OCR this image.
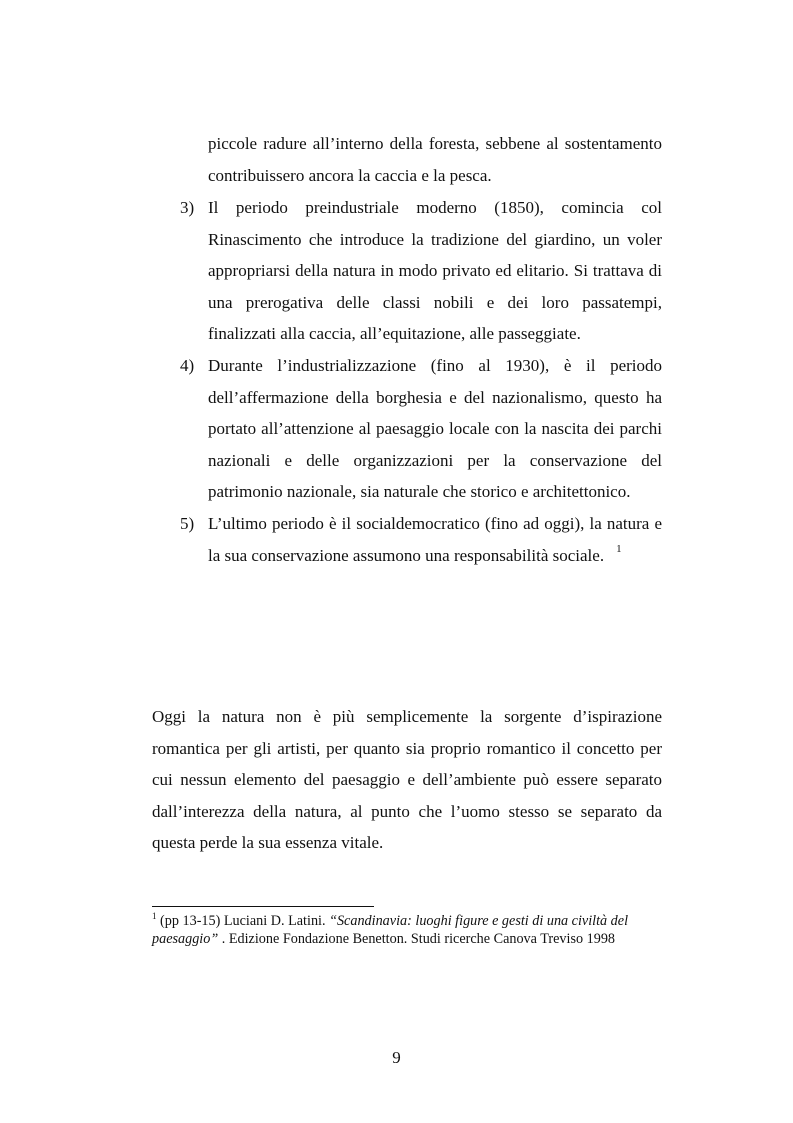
piccole radure all’interno della foresta, sebbene al sostentamento contribuissero ancora la caccia e la pesca.
3) Il periodo preindustriale moderno (1850), comincia col Rinascimento che introduce la tradizione del giardino, un voler appropriarsi della natura in modo privato ed elitario. Si trattava di una prerogativa delle classi nobili e dei loro passatempi, finalizzati alla caccia, all’equitazione, alle passeggiate.
4) Durante l’industrializzazione (fino al 1930), è il periodo dell’affermazione della borghesia e del nazionalismo, questo ha portato all’attenzione al paesaggio locale con la nascita dei parchi nazionali e delle organizzazioni per la conservazione del patrimonio nazionale, sia naturale che storico e architettonico.
5) L’ultimo periodo è il socialdemocratico (fino ad oggi), la natura e la sua conservazione assumono una responsabilità sociale. $^1$
Oggi la natura non è più semplicemente la sorgente d’ispirazione romantica per gli artisti, per quanto sia proprio romantico il concetto per cui nessun elemento del paesaggio e dell’ambiente può essere separato dall’interezza della natura, al punto che l’uomo stesso se separato da questa perde la sua essenza vitale.
$^1$ (pp 13-15) Luciani D. Latini. “Scandinavia: luoghi figure e gesti di una civiltà del paesaggio” . Edizione Fondazione Benetton. Studi ricerche Canova Treviso 1998
9
